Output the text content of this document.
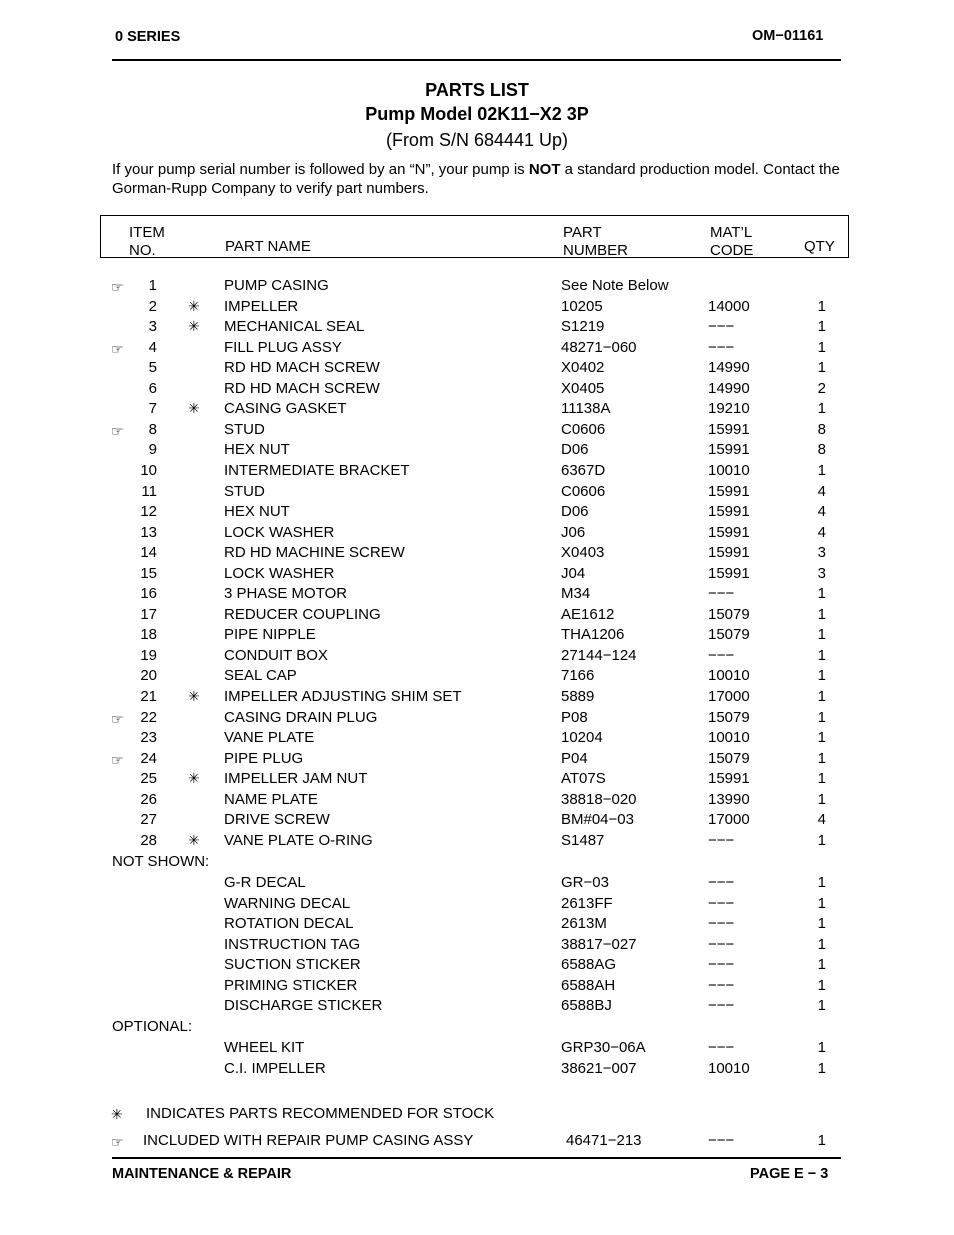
0 SERIES	OM−01161
PARTS LIST
Pump Model 02K11−X2 3P
(From S/N 684441 Up)
If your pump serial number is followed by an “N”, your pump is NOT a standard production model. Contact the Gorman-Rupp Company to verify part numbers.
ITEM
NO.	PART NAME
PART
NUMBER
MAT’L
CODE	QTY
☞	1	PUMP CASING	See Note Below
2 ✳ IMPELLER	10205	14000	1
3 ✳ MECHANICAL SEAL	S1219	−−−	1
☞	4	FILL PLUG ASSY	48271−060	−−−	1
5	RD HD MACH SCREW	X0402	14990	1
6	RD HD MACH SCREW	X0405	14990	2
7 ✳ CASING GASKET	11138A	19210	1
☞	8	STUD	C0606	15991	8
9	HEX NUT	D06	15991	8
10	INTERMEDIATE BRACKET	6367D	10010	1
11	STUD	C0606	15991	4
12	HEX NUT	D06	15991	4
13	LOCK WASHER	J06	15991	4
14	RD HD MACHINE SCREW	X0403	15991	3
15	LOCK WASHER	J04	15991	3
16	3 PHASE MOTOR	M34	−−−	1
17	REDUCER COUPLING	AE1612	15079	1
18	PIPE NIPPLE	THA1206	15079	1
19	CONDUIT BOX	27144−124	−−−	1
20	SEAL CAP	7166	10010	1
21 ✳ IMPELLER ADJUSTING SHIM SET	5889	17000	1
☞	22	CASING DRAIN PLUG	P08	15079	1
23	VANE PLATE	10204	10010	1
☞	24	PIPE PLUG	P04	15079	1
25 ✳ IMPELLER JAM NUT	AT07S	15991	1
26	NAME PLATE	38818−020	13990	1
27	DRIVE SCREW	BM#04−03	17000	4
28 ✳ VANE PLATE O-RING	S1487	−−−	1
G-R DECAL	GR−03	−−−	1
WARNING DECAL	2613FF	−−−	1
ROTATION DECAL	2613M	−−−	1
INSTRUCTION TAG	38817−027	−−−	1
SUCTION STICKER	6588AG	−−−	1
PRIMING STICKER	6588AH	−−−	1
DISCHARGE STICKER	6588BJ	−−−	1
WHEEL KIT	GRP30−06A	−−−	1
C.I. IMPELLER	38621−007	10010	1
NOT SHOWN:
OPTIONAL:
✳ INDICATES PARTS RECOMMENDED FOR STOCK
☞ INCLUDED WITH REPAIR PUMP CASING ASSY	46471−213	−−−	1
MAINTENANCE & REPAIR	PAGE E − 3
